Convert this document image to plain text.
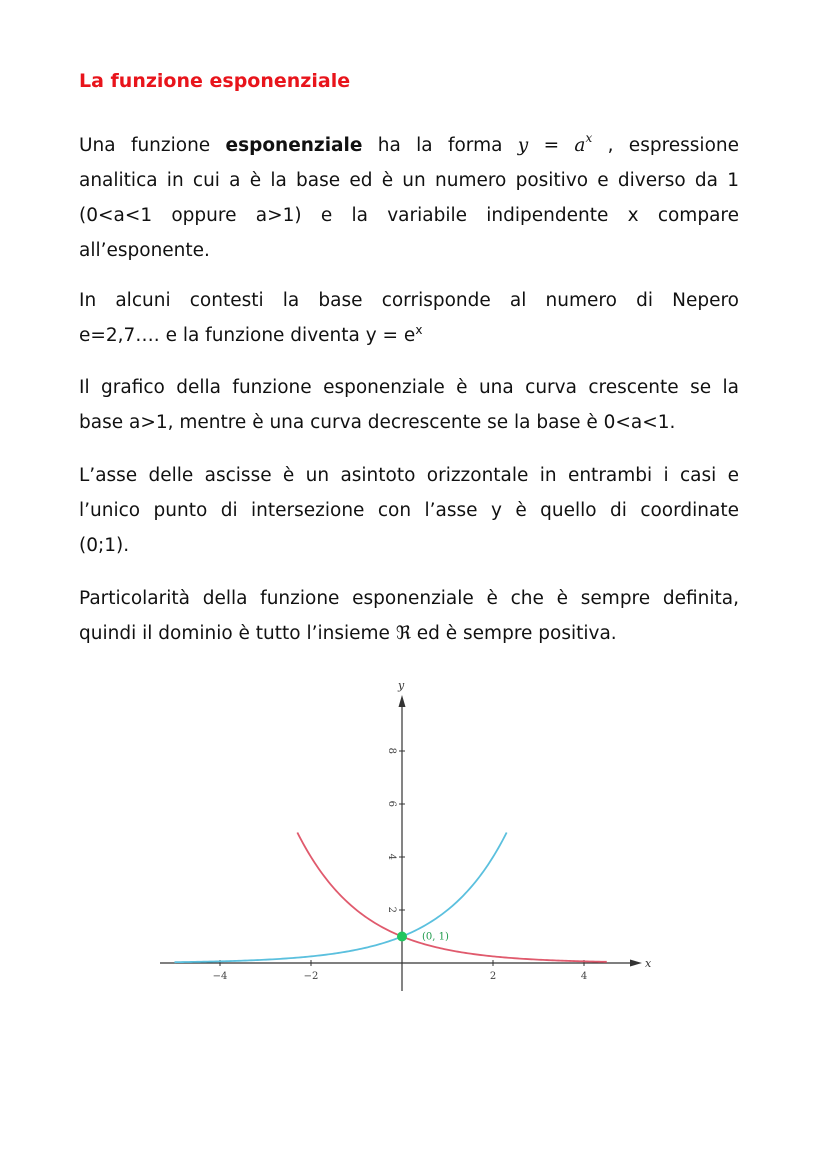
La funzione esponenziale
Una funzione esponenziale ha la forma $y = a^x$ , espressione
analitica in cui a è la base ed è un numero positivo e diverso da 1
(0<a<1 oppure a>1) e la variabile indipendente x compare
all’esponente.
In alcuni contesti la base corrisponde al numero di Nepero
e=2,7…. e la funzione diventa $y = e^x$
Il grafico della funzione esponenziale è una curva crescente se la
base a>1, mentre è una curva decrescente se la base è 0<a<1.
L’asse delle ascisse è un asintoto orizzontale in entrambi i casi e
l’unico punto di intersezione con l’asse y è quello di coordinate
(0;1).
Particolarità della funzione esponenziale è che è sempre definita,
quindi il dominio è tutto l’insieme ℜ ed è sempre positiva.
x
y
−4	−2	2	4
2
4
6
8
(0, 1)
